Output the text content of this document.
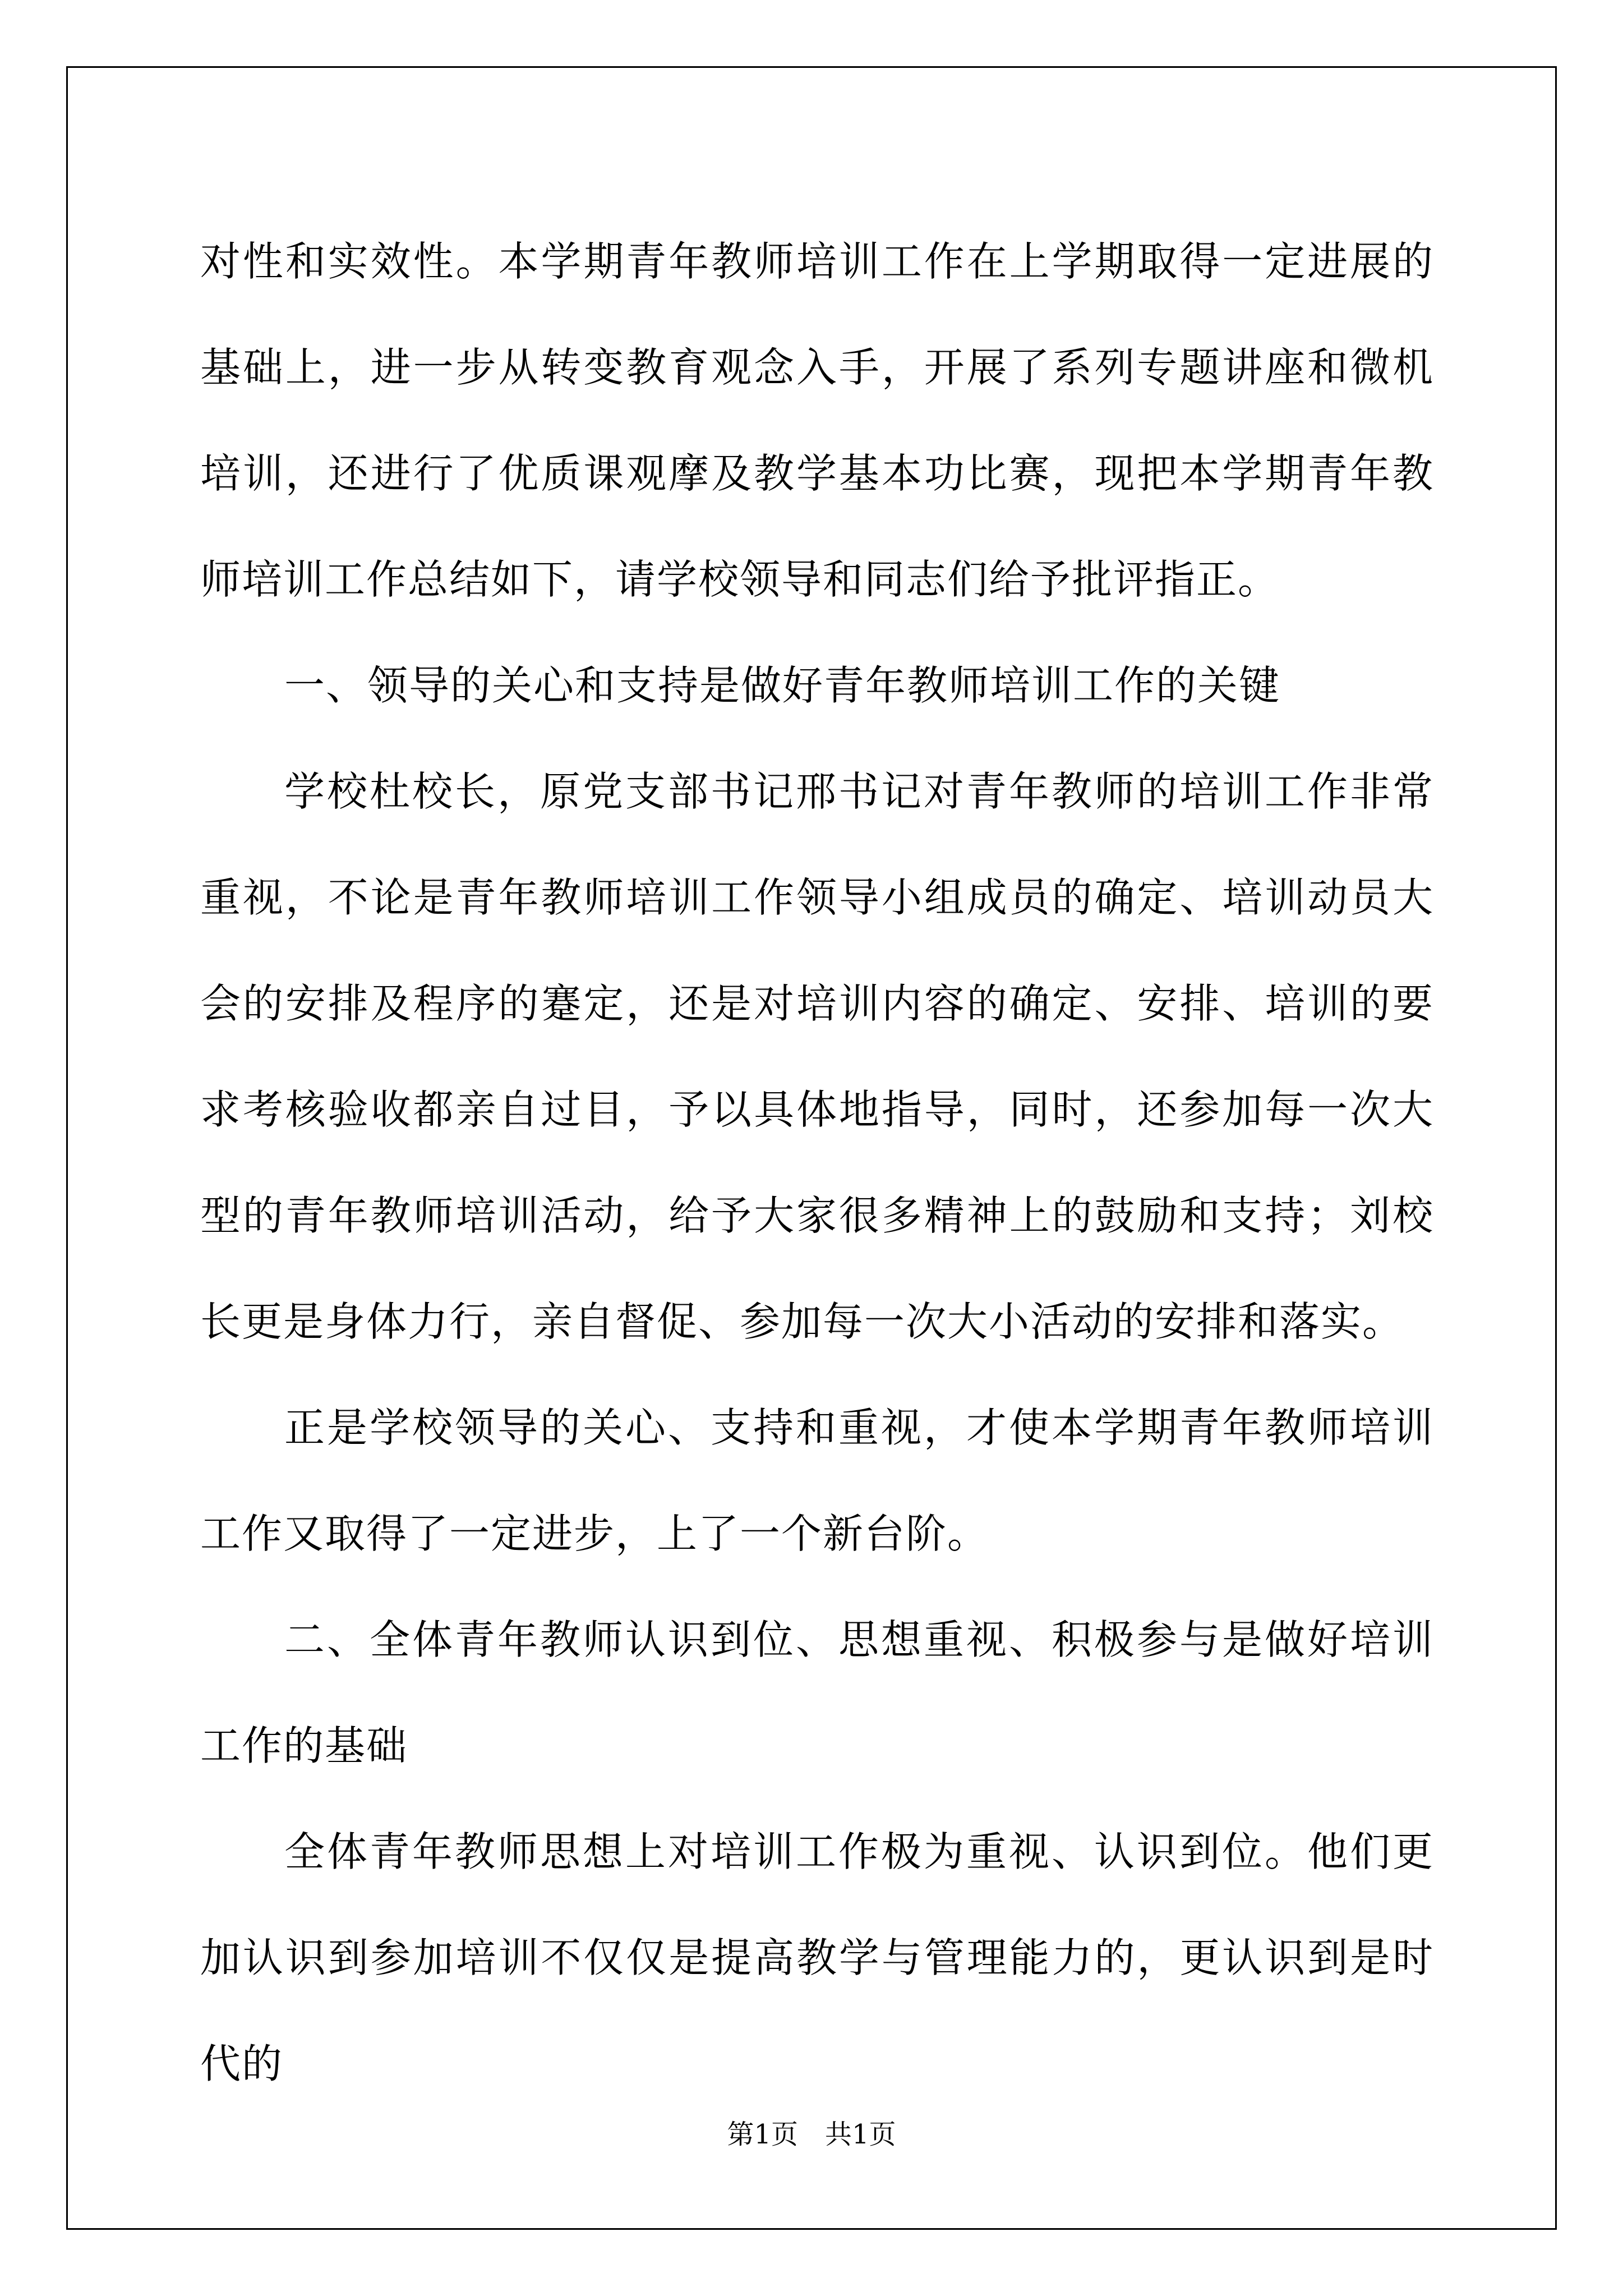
对性和实效性。本学期青年教师培训工作在上学期取得一定进展的基础上，进一步从转变教育观念入手，开展了系列专题讲座和微机培训，还进行了优质课观摩及教学基本功比赛，现把本学期青年教师培训工作总结如下，请学校领导和同志们给予批评指正。

一、领导的关心和支持是做好青年教师培训工作的关键

学校杜校长，原党支部书记邢书记对青年教师的培训工作非常重视，不论是青年教师培训工作领导小组成员的确定、培训动员大会的安排及程序的蹇定，还是对培训内容的确定、安排、培训的要求考核验收都亲自过目，予以具体地指导，同时，还参加每一次大型的青年教师培训活动，给予大家很多精神上的鼓励和支持；刘校长更是身体力行，亲自督促、参加每一次大小活动的安排和落实。

正是学校领导的关心、支持和重视，才使本学期青年教师培训工作又取得了一定进步，上了一个新台阶。

二、全体青年教师认识到位、思想重视、积极参与是做好培训工作的基础

全体青年教师思想上对培训工作极为重视、认识到位。他们更加认识到参加培训不仅仅是提高教学与管理能力的，更认识到是时代的

第1页　共1页
